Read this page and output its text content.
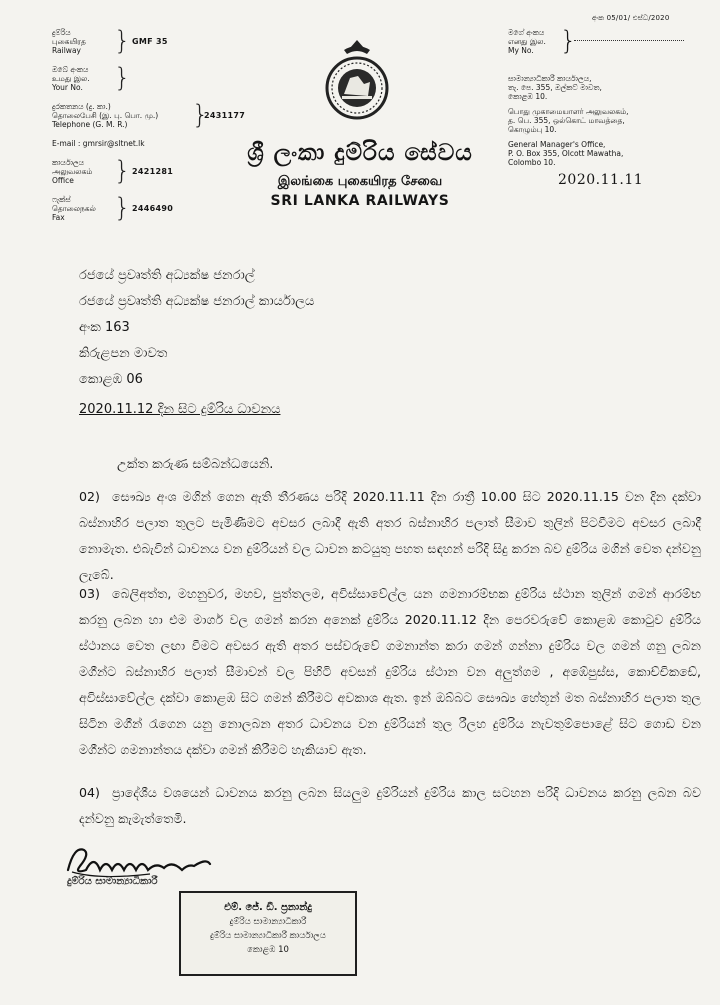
දුම්රිය
புகையிரத
Railway	} GMF 35
ඔබේ අංකය
உமது இல.
Your No.	}
දුරකතනය (දු. කා.)
தொலைபேசி (இ. பு. பொ. மு.)
Telephone (G. M. R.)	}
2431177
E-mail : gmrsir@sltnet.lk
කාර්යාලය
அலுவலகம்
Office	} 2421281
ෆැක්ස්
தொலைநகல்
Fax	} 2446490
ශ්‍රී ලංකා දුම්රිය සේවය
இலங்கை புகையிரத சேவை
SRI LANKA RAILWAYS
අංක 05/01/ එස්ධ/2020
මගේ අංකය
எனது இல.
My No.	}

සාමාන්‍යාධිකාරී කාර්යාලය,
තැ. පෙ. 355, ඔල්කට් මාවත,
කොළඹ 10.

பொது முகாமையாளர் அலுவலகம்,
த. பெ. 355, ஒல்கொட் மாவத்தை,
கொழும்பு 10.

General Manager's Office,
P. O. Box 355, Olcott Mawatha,
Colombo 10.

2020.11.11
රජයේ ප්‍රවෘත්ති අධ්‍යක්ෂ ජනරාල්
රජයේ ප්‍රවෘත්ති අධ්‍යක්ෂ ජනරාල් කාර්යාලය
අංක 163
කිරුළපන මාවත
කොළඹ 06
2020.11.12 දින සිට දුම්රිය ධාවනය
උක්ත කරුණ සම්බන්ධයෙනි.
02) සෞඛ්‍ය අංශ මගින් ගෙන ඇති තීරණය පරිදි 2020.11.11 දින රාත්‍රී 10.00 සිට 2020.11.15 වන දින දක්වා බස්නාහිර පලාත තුලට පැමිණීමට අවසර ලබාදී ඇති අතර බස්නාහිර පලාත් සීමාව තුලින් පිටවීමට අවසර ලබාදී නොමැත. එබැවින් ධාවනය වන දුම්රියන් වල ධාවන කටයුතු පහත සඳහන් පරිදි සිදු කරන බව දුම්රිය මගින් වෙත දන්වනු ලැබේ.
03) බෙලිඅත්ත, මහනුවර, මහව, පුත්තලම, අවිස්සාවේල්ල යන ගමනාරම්භක දුම්රිය ස්ථාන තුලින් ගමන් ආරම්භ කරනු ලබන හා එම මාර්ග වල ගමන් කරන අනෙක් දුම්රිය 2020.11.12 දින පෙරවරුවේ කොළඹ කොටුව දුම්රිය ස්ථානය වෙත ලඟා වීමට අවසර ඇති අතර පස්වරුවේ ගමනාන්ත කරා ගමන් ගන්නා දුම්රිය වල ගමන් ගනු ලබන මගීන්ට බස්නාහිර පලාත් සීමාවන් වල පිහිටි අවසන් දුම්රිය ස්ථාන වන අලුත්ගම , අඹේපුස්ස, කොච්චිකඩේ, අවිස්සාවේල්ල දක්වා කොළඹ සිට ගමන් කිරීමට අවකාශ ඇත. ඉන් ඔබ්බට සෞඛ්‍ය හේතූන් මත බස්නාහිර පලාත තුල සිටින මගීන් රැගෙන යනු නොලබන අතර ධාවනය වන දුම්රියන් තුල රීලහ දුම්රිය නැවතුම්පොළේ සිට ගොඩ වන මගීන්ට ගමනාන්තය දක්වා ගමන් කිරීමට හැකියාව ඇත.
04) ප්‍රාදේශීය වශයෙන් ධාවනය කරනු ලබන සියලුම දුම්රියන් දුම්රිය කාල සටහන පරිදි ධාවනය කරනු ලබන බව දන්වනු කැමැත්තෙමි.
දුම්රිය සාමාන්‍යාධිකාරී
එම්. ජේ. ඩී. ප්‍රනාන්දු
දුම්රිය සාමාන්‍යාධිකාරී
දුම්රිය සාමාන්‍යාධිකාරී කාර්යාලය
කොළඹ 10
